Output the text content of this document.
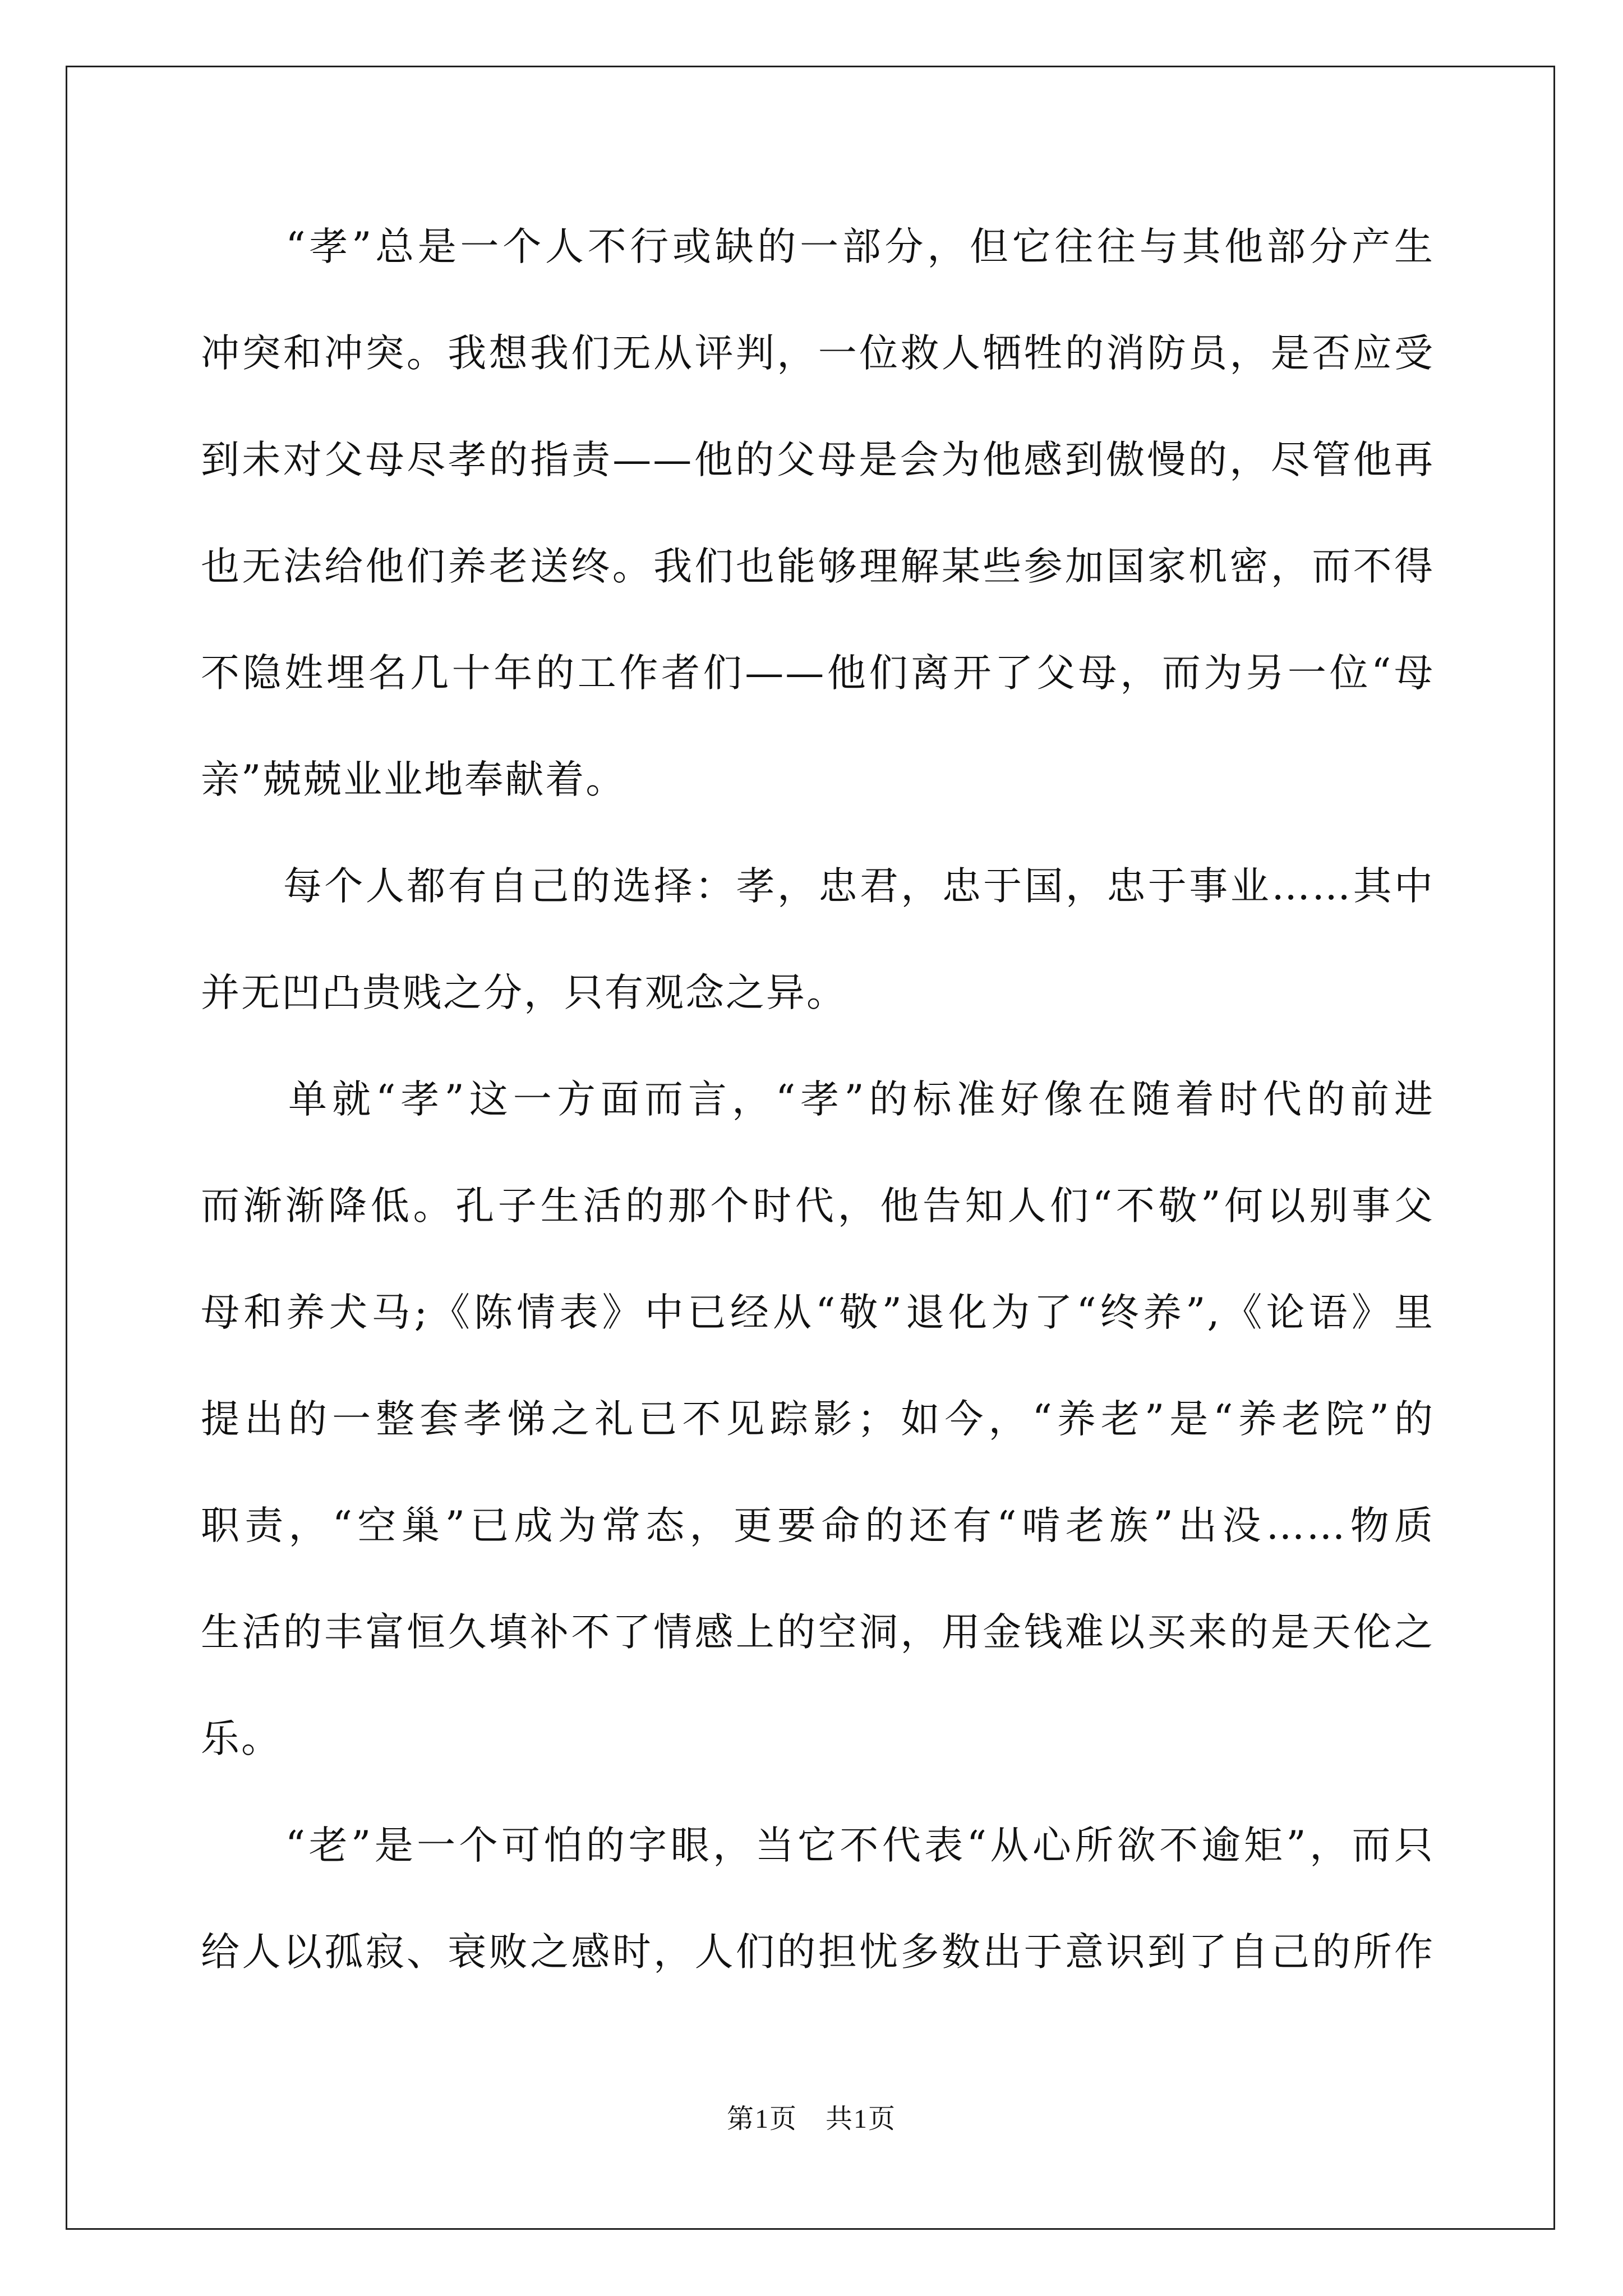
　　“孝”总是一个人不行或缺的一部分，但它往往与其他部分产生
冲突和冲突。我想我们无从评判，一位救人牺牲的消防员，是否应受
到未对父母尽孝的指责——他的父母是会为他感到傲慢的，尽管他再
也无法给他们养老送终。我们也能够理解某些参加国家机密，而不得
不隐姓埋名几十年的工作者们——他们离开了父母，而为另一位“母
亲”兢兢业业地奉献着。
　　每个人都有自己的选择：孝，忠君，忠于国，忠于事业……其中
并无凹凸贵贱之分，只有观念之异。
　　单就“孝”这一方面而言，“孝”的标准好像在随着时代的前进
而渐渐降低。孔子生活的那个时代，他告知人们“不敬”何以别事父
母和养犬马;《陈情表》中已经从“敬”退化为了“终养”,《论语》里
提出的一整套孝悌之礼已不见踪影；如今，“养老”是“养老院”的
职责，“空巢”已成为常态，更要命的还有“啃老族”出没……物质
生活的丰富恒久填补不了情感上的空洞，用金钱难以买来的是天伦之
乐。
　　“老”是一个可怕的字眼，当它不代表“从心所欲不逾矩”，而只
给人以孤寂、衰败之感时，人们的担忧多数出于意识到了自己的所作
第1页　共1页
